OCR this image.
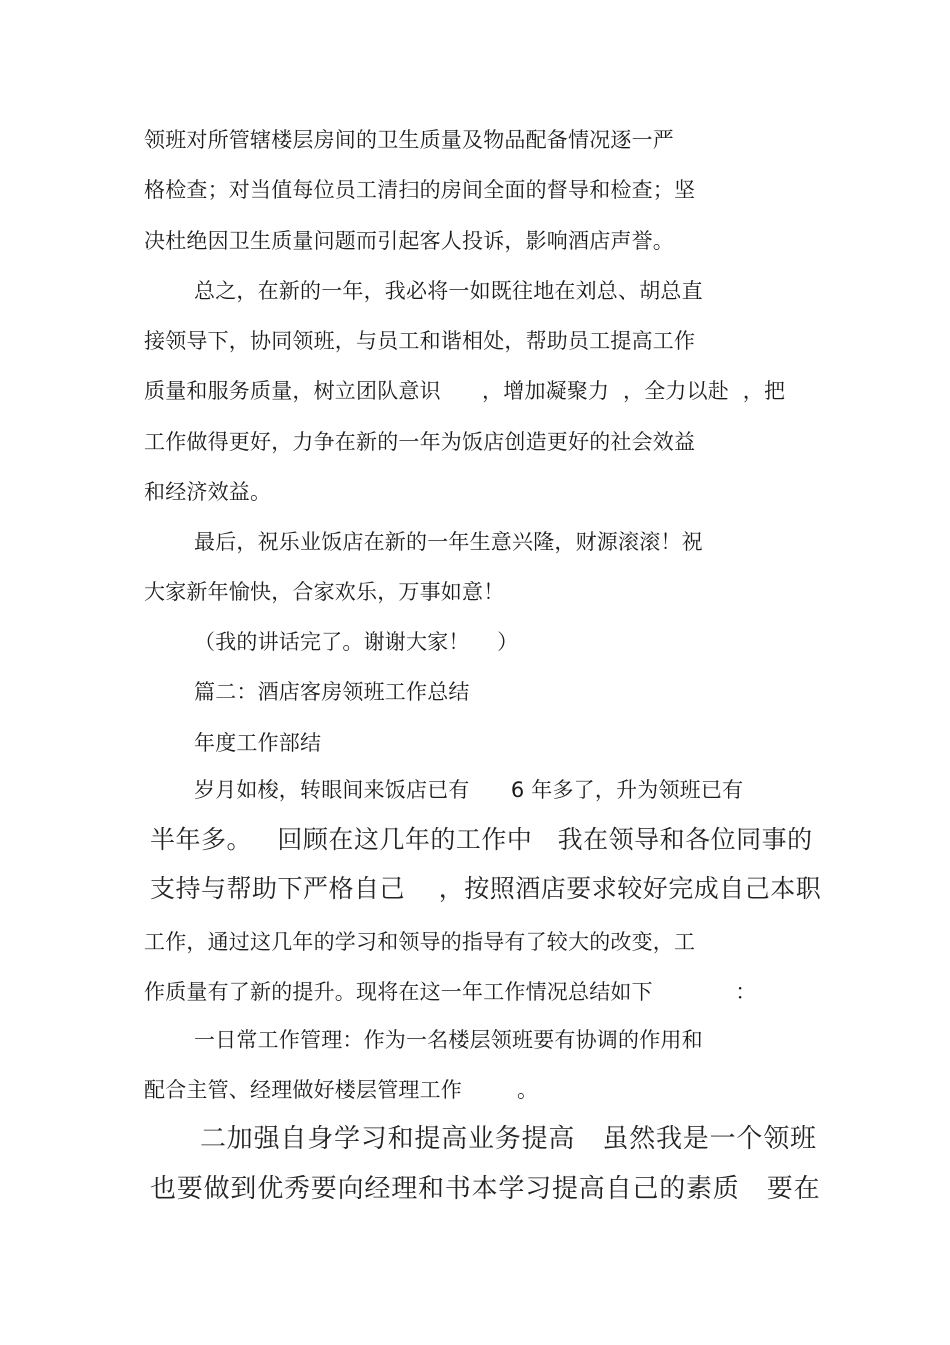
领班对所管辖楼层房间的卫生质量及物品配备情况逐一严
格检查；对当值每位员工清扫的房间全面的督导和检查；坚
决杜绝因卫生质量问题而引起客人投诉，影响酒店声誉。
总之，在新的一年，我必将一如既往地在刘总、胡总直
接领导下，协同领班，与员工和谐相处，帮助员工提高工作
质量和服务质量，树立团队意识      ，增加凝聚力  ，全力以赴  ，把
工作做得更好，力争在新的一年为饭店创造更好的社会效益
和经济效益。
最后，祝乐业饭店在新的一年生意兴隆，财源滚滚！祝
大家新年愉快，合家欢乐，万事如意！
（我的讲话完了。谢谢大家！    ）
篇二：酒店客房领班工作总结
年度工作部结
岁月如梭，转眼间来饭店已有      6 年多了，升为领班已有
半年多。   回顾在这几年的工作中   我在领导和各位同事的
支持与帮助下严格自己    ，按照酒店要求较好完成自己本职
工作，通过这几年的学习和领导的指导有了较大的改变，工
作质量有了新的提升。现将在这一年工作情况总结如下            ：
一日常工作管理：作为一名楼层领班要有协调的作用和
配合主管、经理做好楼层管理工作        。
二加强自身学习和提高业务提高   虽然我是一个领班
也要做到优秀要向经理和书本学习提高自己的素质   要在
